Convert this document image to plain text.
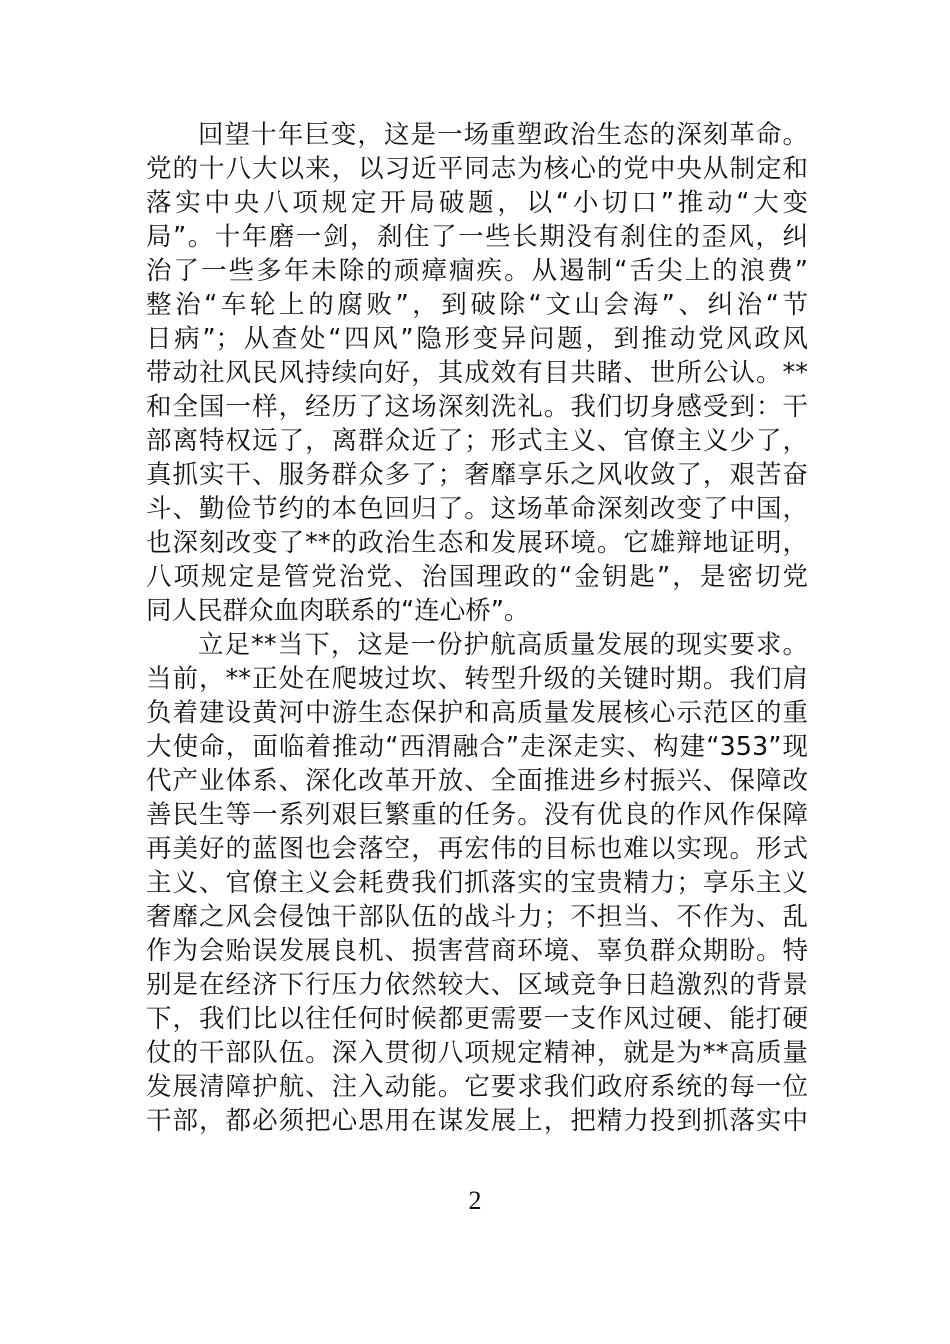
回望十年巨变，这是一场重塑政治生态的深刻革命。
党的十八大以来，以习近平同志为核心的党中央从制定和
落实中央八项规定开局破题，以“小切口”推动“大变
局”。十年磨一剑，刹住了一些长期没有刹住的歪风，纠
治了一些多年未除的顽瘴痼疾。从遏制“舌尖上的浪费”
整治“车轮上的腐败”，到破除“文山会海”、纠治“节
日病”；从查处“四风”隐形变异问题，到推动党风政风
带动社风民风持续向好，其成效有目共睹、世所公认。**
和全国一样，经历了这场深刻洗礼。我们切身感受到：干
部离特权远了，离群众近了；形式主义、官僚主义少了，
真抓实干、服务群众多了；奢靡享乐之风收敛了，艰苦奋
斗、勤俭节约的本色回归了。这场革命深刻改变了中国，
也深刻改变了**的政治生态和发展环境。它雄辩地证明，
八项规定是管党治党、治国理政的“金钥匙”，是密切党
同人民群众血肉联系的“连心桥”。
立足**当下，这是一份护航高质量发展的现实要求。
当前，**正处在爬坡过坎、转型升级的关键时期。我们肩
负着建设黄河中游生态保护和高质量发展核心示范区的重
大使命，面临着推动“西渭融合”走深走实、构建“353”现
代产业体系、深化改革开放、全面推进乡村振兴、保障改
善民生等一系列艰巨繁重的任务。没有优良的作风作保障
再美好的蓝图也会落空，再宏伟的目标也难以实现。形式
主义、官僚主义会耗费我们抓落实的宝贵精力；享乐主义
奢靡之风会侵蚀干部队伍的战斗力；不担当、不作为、乱
作为会贻误发展良机、损害营商环境、辜负群众期盼。特
别是在经济下行压力依然较大、区域竞争日趋激烈的背景
下，我们比以往任何时候都更需要一支作风过硬、能打硬
仗的干部队伍。深入贯彻八项规定精神，就是为**高质量
发展清障护航、注入动能。它要求我们政府系统的每一位
干部，都必须把心思用在谋发展上，把精力投到抓落实中
2
